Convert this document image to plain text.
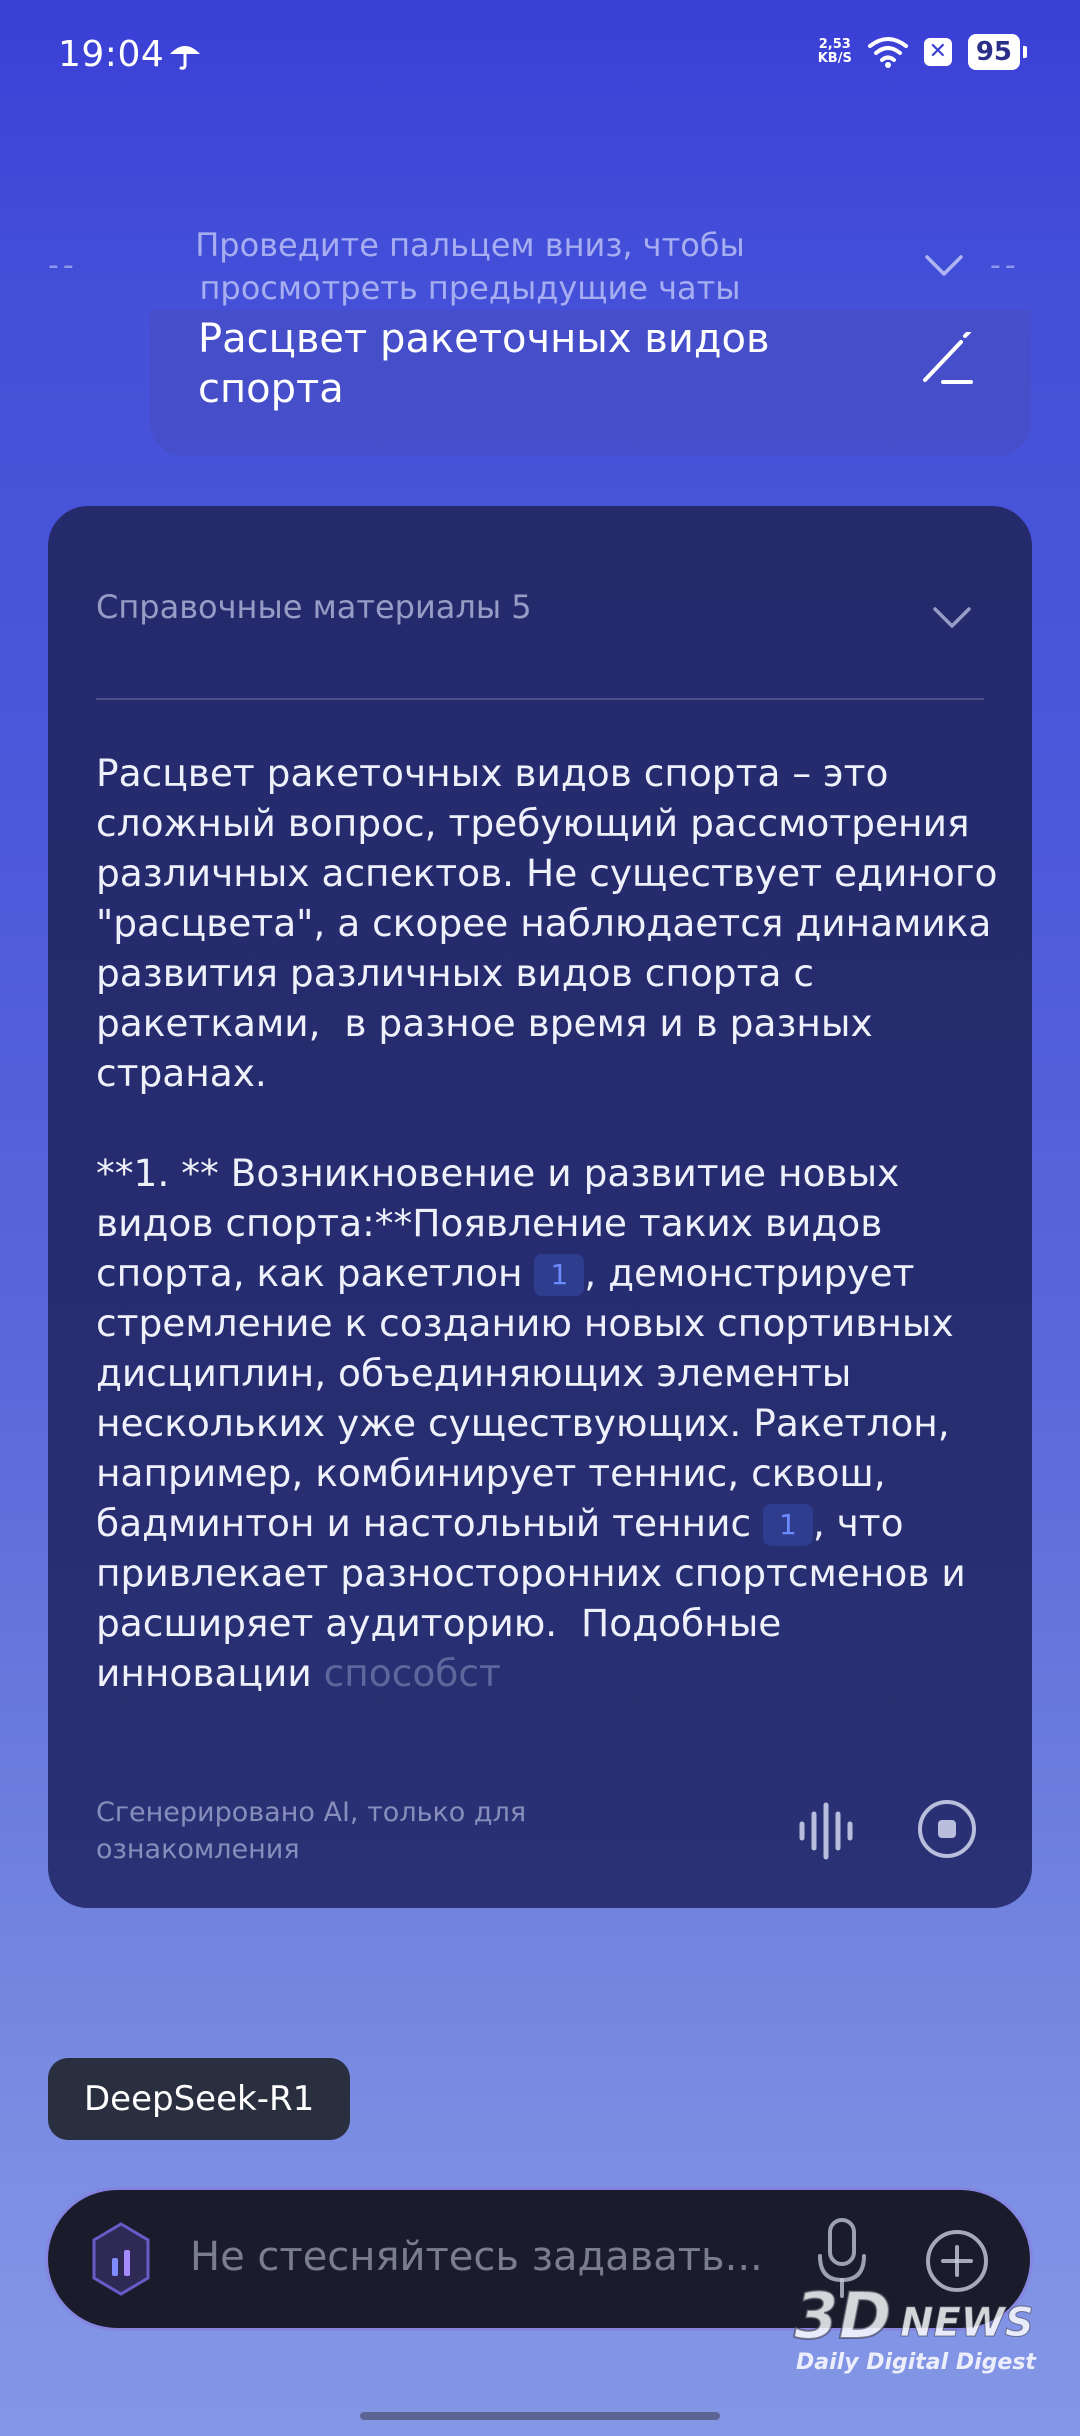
19:04	2,53
KB/S	✕	95
--
Проведите пальцем вниз, чтобы просмотреть предыдущие чаты
--
Расцвет ракеточных видов спорта
Справочные материалы 5
Расцвет ракеточных видов спорта – это сложный вопрос, требующий рассмотрения различных аспектов. Не существует единого "расцвета", а скорее наблюдается динамика развития различных видов спорта с ракетками,  в разное время и в разных странах.

**1. ** Возникновение и развитие новых видов спорта:**Появление таких видов спорта, как ракетлон 1 , демонстрирует стремление к созданию новых спортивных дисциплин, объединяющих элементы нескольких уже существующих. Ракетлон, например, комбинирует теннис, сквош, бадминтон и настольный теннис 1 , что привлекает разносторонних спортсменов и расширяет аудиторию.  Подобные инновации способст
Сгенерировано AI, только для ознакомления
DeepSeek-R1
Не стесняйтесь задавать...
3D NEWS
Daily Digital Digest
